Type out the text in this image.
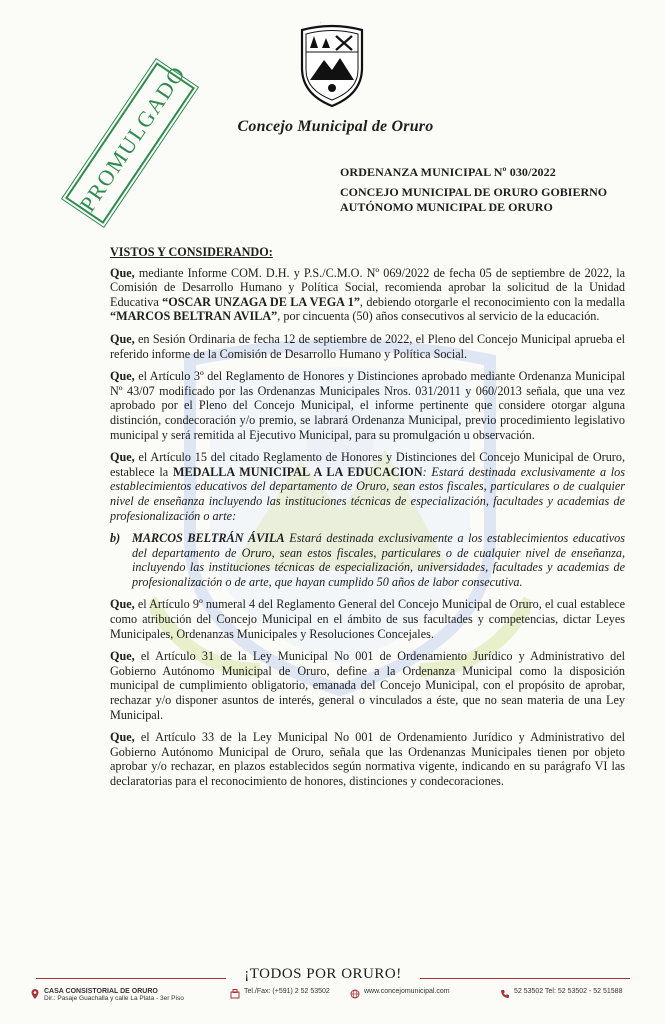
Concejo Municipal de Oruro
PROMULGADO	ORDENANZA MUNICIPAL Nº 030/2022
CONCEJO MUNICIPAL DE ORURO GOBIERNO
AUTÓNOMO MUNICIPAL DE ORURO
VISTOS Y CONSIDERANDO:

Que, mediante Informe COM. D.H. y P.S./C.M.O. Nº 069/2022 de fecha 05 de septiembre de 2022, la Comisión de Desarrollo Humano y Política Social, recomienda aprobar la solicitud de la Unidad Educativa “OSCAR UNZAGA DE LA VEGA 1”, debiendo otorgarle el reconocimiento con la medalla “MARCOS BELTRAN AVILA”, por cincuenta (50) años consecutivos al servicio de la educación.

Que, en Sesión Ordinaria de fecha 12 de septiembre de 2022, el Pleno del Concejo Municipal aprueba el referido informe de la Comisión de Desarrollo Humano y Política Social.

Que, el Artículo 3º del Reglamento de Honores y Distinciones aprobado mediante Ordenanza Municipal Nº 43/07 modificado por las Ordenanzas Municipales Nros. 031/2011 y 060/2013 señala, que una vez aprobado por el Pleno del Concejo Municipal, el informe pertinente que considere otorgar alguna distinción, condecoración y/o premio, se labrará Ordenanza Municipal, previo procedimiento legislativo municipal y será remitida al Ejecutivo Municipal, para su promulgación u observación.

Que, el Artículo 15 del citado Reglamento de Honores y Distinciones del Concejo Municipal de Oruro, establece la MEDALLA MUNICIPAL A LA EDUCACION: Estará destinada exclusivamente a los establecimientos educativos del departamento de Oruro, sean estos fiscales, particulares o de cualquier nivel de enseñanza incluyendo las instituciones técnicas de especialización, facultades y academias de profesionalización o arte:

b) MARCOS BELTRÁN ÁVILA Estará destinada exclusivamente a los establecimientos educativos del departamento de Oruro, sean estos fiscales, particulares o de cualquier nivel de enseñanza, incluyendo las instituciones técnicas de especialización, universidades, facultades y academias de profesionalización o de arte, que hayan cumplido 50 años de labor consecutiva.

Que, el Artículo 9º numeral 4 del Reglamento General del Concejo Municipal de Oruro, el cual establece como atribución del Concejo Municipal en el ámbito de sus facultades y competencias, dictar Leyes Municipales, Ordenanzas Municipales y Resoluciones Concejales.

Que, el Artículo 31 de la Ley Municipal No 001 de Ordenamiento Jurídico y Administrativo del Gobierno Autónomo Municipal de Oruro, define a la Ordenanza Municipal como la disposición municipal de cumplimiento obligatorio, emanada del Concejo Municipal, con el propósito de aprobar, rechazar y/o disponer asuntos de interés, general o vinculados a éste, que no sean materia de una Ley Municipal.

Que, el Artículo 33 de la Ley Municipal No 001 de Ordenamiento Jurídico y Administrativo del Gobierno Autónomo Municipal de Oruro, señala que las Ordenanzas Municipales tienen por objeto aprobar y/o rechazar, en plazos establecidos según normativa vigente, indicando en su parágrafo VI las declaratorias para el reconocimiento de honores, distinciones y condecoraciones.

¡TODOS POR ORURO!
CASA CONSISTORIAL DE ORURO
Dir.: Pasaje Guachalla y calle La Plata - 3er Piso
Tel./Fax: (+591) 2 52 53502	www.concejomunicipal.com	52 53502 Tel: 52 53502 - 52 51588
